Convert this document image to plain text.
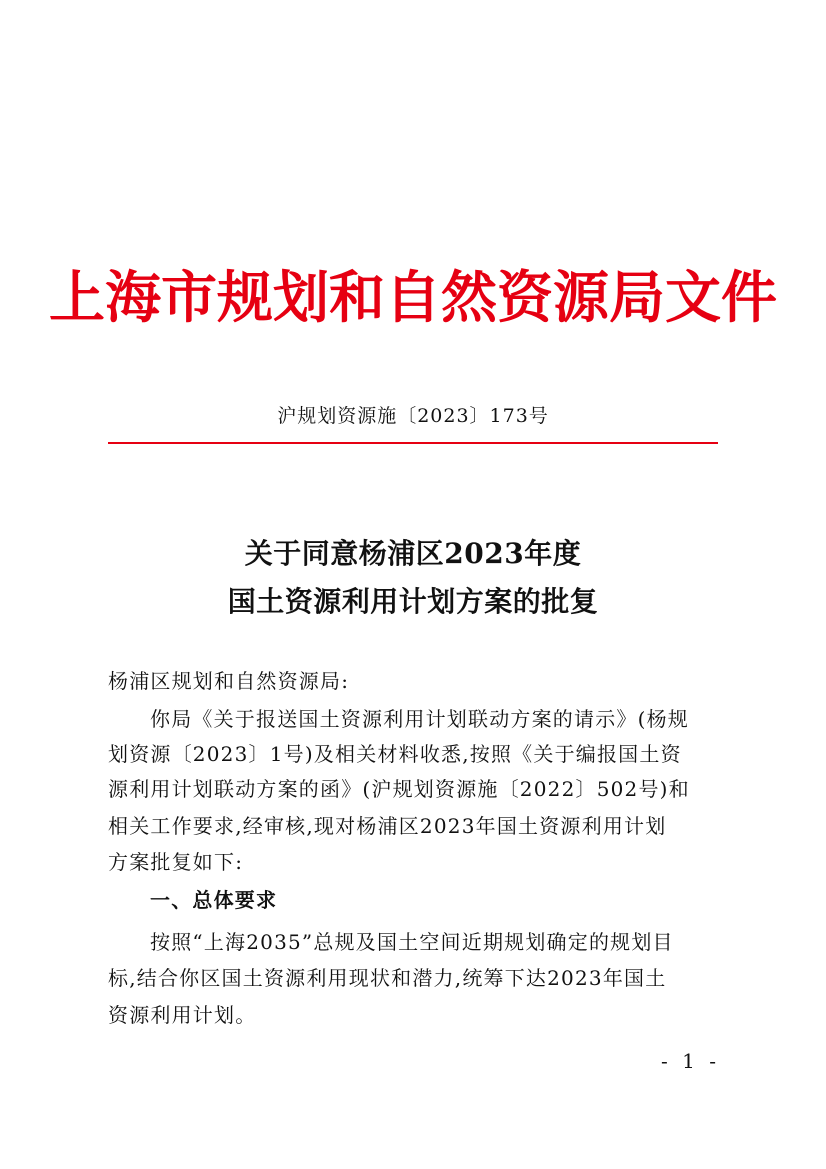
上海市规划和自然资源局文件
沪规划资源施〔2023〕173号
关于同意杨浦区2023年度
国土资源利用计划方案的批复
杨浦区规划和自然资源局:
你局《关于报送国土资源利用计划联动方案的请示》(杨规
划资源〔2023〕1号)及相关材料收悉,按照《关于编报国土资
源利用计划联动方案的函》(沪规划资源施〔2022〕502号)和
相关工作要求,经审核,现对杨浦区2023年国土资源利用计划
方案批复如下:
一、总体要求
按照“上海2035”总规及国土空间近期规划确定的规划目
标,结合你区国土资源利用现状和潜力,统筹下达2023年国土
资源利用计划。
- 1 -
